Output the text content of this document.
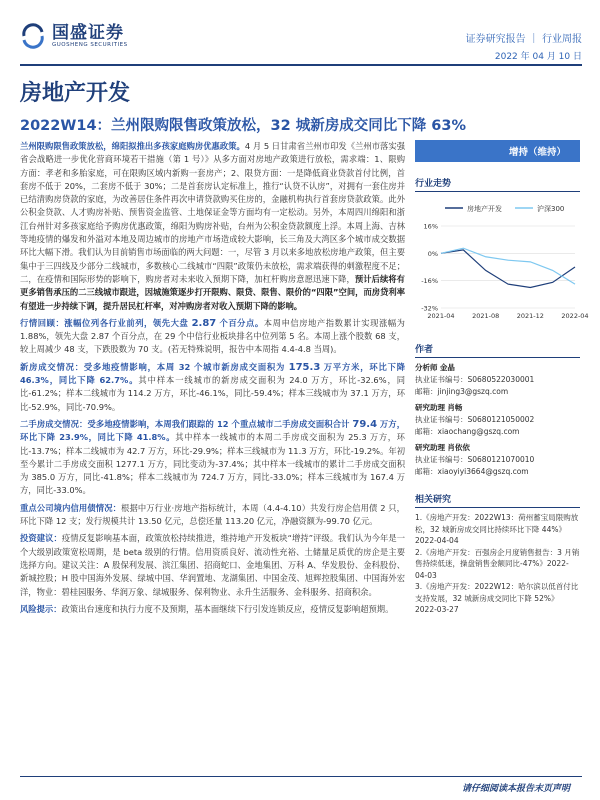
国盛证券
GUOSHENG SECURITIES	证券研究报告 ｜ 行业周报
2022 年 04 月 10 日
房地产开发
2022W14：兰州限购限售政策放松，32 城新房成交同比下降 63%

兰州限购限售政策放松，绵阳拟推出多孩家庭购房优惠政策。4 月 5 日甘肃省兰州市印发《兰州市落实强省会战略进一步优化营商环境若干措施（第 1 号）》从多方面对房地产政策进行放松，需求端：1、限购方面：孝老和多胎家庭，可在限购区域内新购一套房产；2、限贷方面：一是降低商业贷款首付比例，首套房不低于 20%，二套房不低于 30%；二是首套房认定标准上，推行“认贷不认房”，对拥有一套住房并已结清购房贷款的家庭，为改善居住条件再次申请贷款购买住房的，金融机构执行首套房贷款政策。此外公积金贷款、人才购房补贴、预售资金监管、土地保证金等方面均有一定松动。另外，本周四川绵阳和浙江台州针对多孩家庭给予购房优惠政策，绵阳为购房补贴，台州为公积金贷款额度上浮。本周上海、吉林等地疫情的爆发和外溢对本地及周边城市的房地产市场造成较大影响，长三角及大湾区多个城市成交数据环比大幅下滑。我们认为目前销售市场面临的两大问题：一，尽管 3 月以来多地放松房地产政策，但主要集中于三四线及少部分二线城市，多数核心二线城市“四限”政策仍未放松，需求端获得的刺激程度不足；二，在疫情和国际形势的影响下，购房者对未来收入预期下降，加杠杆购房意愿迅速下降，预计后续将有更多销售承压的二三线城市跟进，因城施策逐步打开限购、限贷、限售、限价的“四限”空间，而房贷利率有望进一步持续下调，提升居民杠杆率，对冲购房者对收入预期下降的影响。

行情回顾：涨幅位列各行业前列，领先大盘 2.87 个百分点。本周申信房地产指数累计实现涨幅为 1.88%，领先大盘 2.87 个百分点，在 29 个中信行业板块排名中位列第 5 名。本周上涨个股数 68 支，较上周减少 48 支，下跌股数为 70 支。(若无特殊说明，报告中本周指 4.4-4.8 当周)。

新房成交情况：受多地疫情影响，本周 32 个城市新房成交面积为 175.3 万平方米，环比下降 46.3%，同比下降 62.7%。其中样本一线城市的新房成交面积为 24.0 万方，环比-32.6%，同比-61.2%；样本二线城市为 114.2 万方，环比-46.1%，同比-59.4%；样本三线城市为 37.1 万方，环比-52.9%，同比-70.9%。

二手房成交情况：受多地疫情影响，本周我们跟踪的 12 个重点城市二手房成交面积合计 79.4 万方，环比下降 23.9%，同比下降 41.8%。其中样本一线城市的本周二手房成交面积为 25.3 万方，环比-13.7%；样本二线城市为 42.7 万方，环比-29.9%；样本三线城市为 11.3 万方，环比-19.2%。年初至今累计二手房成交面积 1277.1 万方，同比变动为-37.4%；其中样本一线城市的累计二手房成交面积为 385.0 万方，同比-41.8%；样本二线城市为 724.7 万方，同比-33.0%；样本三线城市为 167.4 万方，同比-33.0%。

重点公司境内信用债情况：根据中万行业·房地产指标统计，本周（4.4-4.10）共发行房企信用债 2 只，环比下降 12 支；发行规模共计 13.50 亿元，总偿还量 113.20 亿元，净融资额为-99.70 亿元。

投资建议：疫情反复影响基本面，政策放松持续推进，维持地产开发板块“增持”评级。我们认为今年是一个大级别政策宽松周期，是 beta 级别的行情。信用资质良好、流动性充裕、土储量足质优的房企是主要选择方向。建议关注：A 股保利发展、滨江集团、招商蛇口、金地集团、万科 A、华发股份、金科股份、新城控股；H 股中国海外发展、绿城中国、华润置地、龙湖集团、中国金茂、旭辉控股集团、中国海外宏洋，物业：碧桂园服务、华润万象、绿城服务、保利物业、永升生活服务、金科服务、招商积余。

风险提示：政策出台速度和执行力度不及预期，基本面继续下行引发连锁反应，疫情反复影响超预期。

增持（维持）
行业走势
房地产开发	沪深300
16%
0%
-16%
-32%
2021-04	2021-08	2021-12	2022-04
作者
分析师 金晶
执业证书编号：S0680522030001
邮箱：jinjing3@gszq.com
研究助理 肖畅
执业证书编号：S0680121050002
邮箱：xiaochang@gszq.com
研究助理 肖依依
执业证书编号：S0680121070010
邮箱：xiaoyiyi3664@gszq.com
相关研究
1.《房地产开发：2022W13：荷州蓄宝局限购放松，32 城新房成交同比持续环比下降 44%》2022-04-04
2.《房地产开发：百强房企月度销售报告：3 月销售持续低迷，操盘销售金额同比-47%》2022-04-03
3.《房地产开发：2022W12：哈尔滨以低首付比支持发展，32 城新房成交同比下降 52%》2022-03-27
请仔细阅读本报告末页声明
